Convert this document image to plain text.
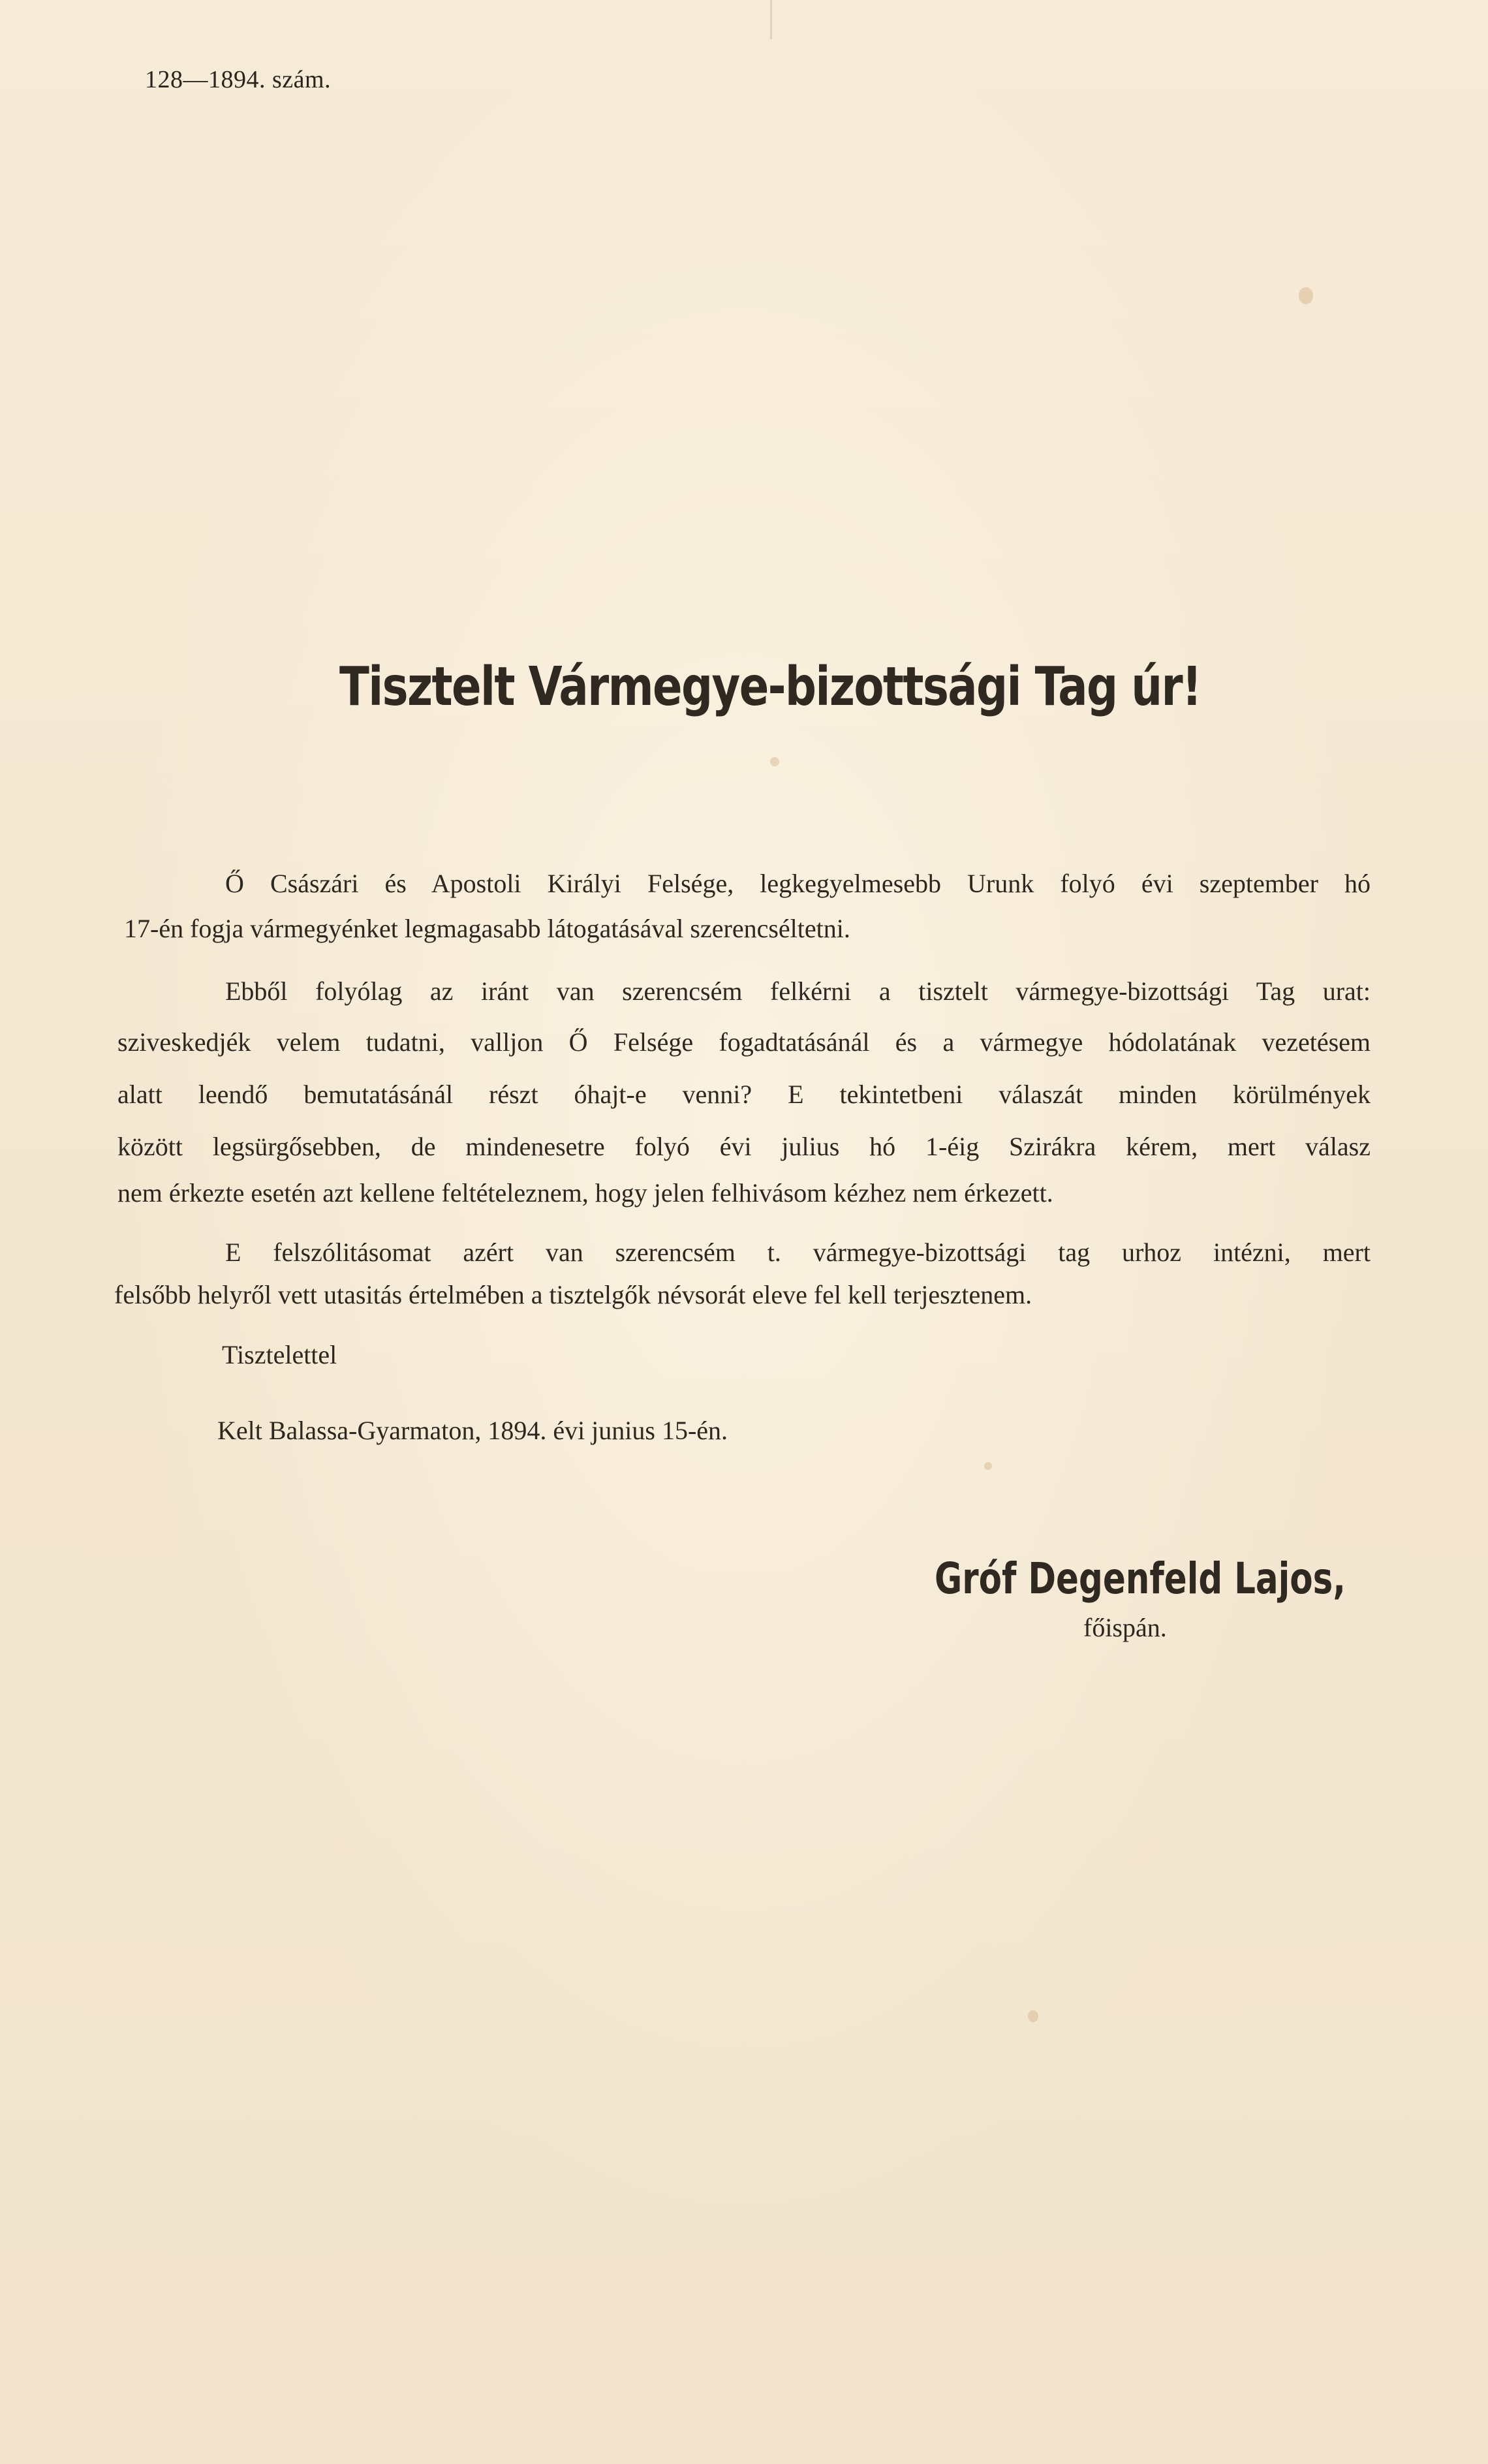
128—1894. szám.
Tisztelt Vármegye-bizottsági Tag úr!
Ő Császári és Apostoli Királyi Felsége, legkegyelmesebb Urunk folyó évi szeptember hó
17-én fogja vármegyénket legmagasabb látogatásával szerencséltetni.
Ebből folyólag az iránt van szerencsém felkérni a tisztelt vármegye-bizottsági Tag urat:
sziveskedjék velem tudatni, valljon Ő Felsége fogadtatásánál és a vármegye hódolatának vezetésem
alatt leendő bemutatásánál részt óhajt-e venni? E tekintetbeni válaszát minden körülmények
között legsürgősebben, de mindenesetre folyó évi julius hó 1-éig Szirákra kérem, mert válasz
nem érkezte esetén azt kellene feltételeznem, hogy jelen felhivásom kézhez nem érkezett.
E felszólitásomat azért van szerencsém t. vármegye-bizottsági tag urhoz intézni, mert
felsőbb helyről vett utasitás értelmében a tisztelgők névsorát eleve fel kell terjesztenem.
Tisztelettel
Kelt Balassa-Gyarmaton, 1894. évi junius 15-én.
Gróf Degenfeld Lajos,
főispán.
